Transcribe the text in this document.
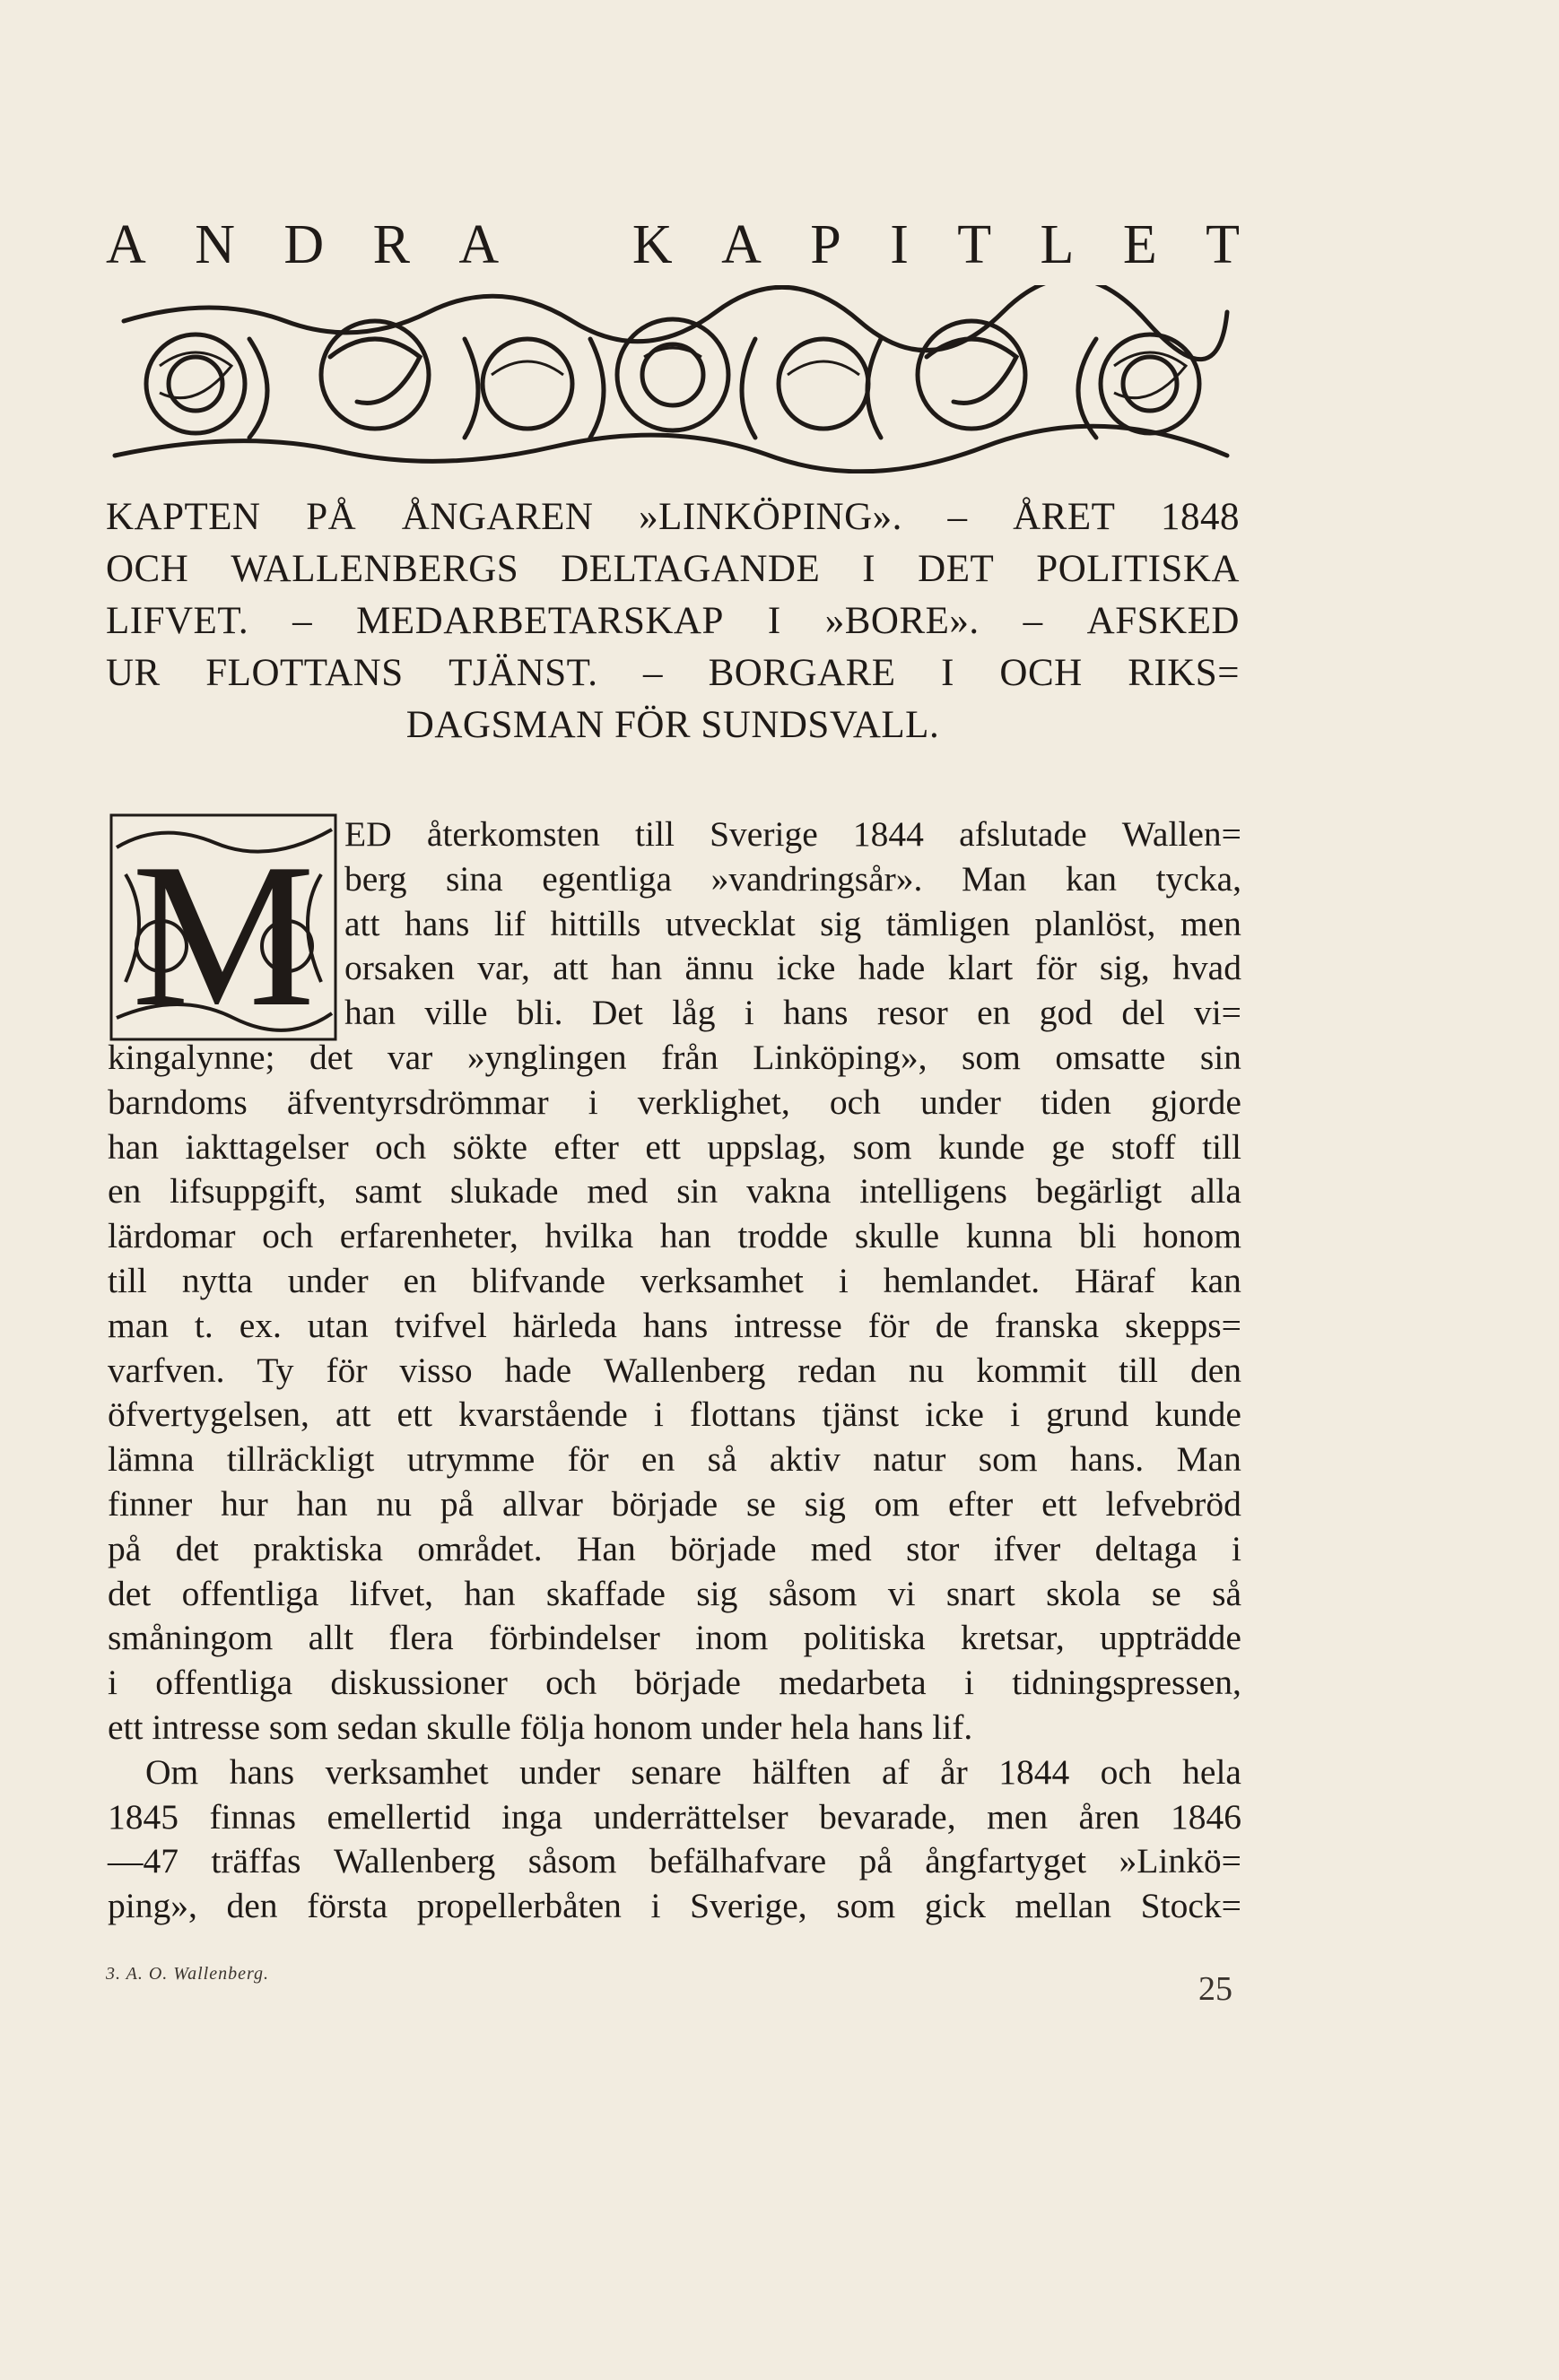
A N D R A K A P I T L E T
KAPTEN PÅ ÅNGAREN »LINKÖPING». – ÅRET 1848
OCH WALLENBERGS DELTAGANDE I DET POLITISKA
LIFVET. – MEDARBETARSKAP I »BORE». – AFSKED
UR FLOTTANS TJÄNST. – BORGARE I OCH RIKS=
DAGSMAN FÖR SUNDSVALL.
M ED återkomsten till Sverige 1844 afslutade Wallen=
berg sina egentliga »vandringsår». Man kan tycka,
att hans lif hittills utvecklat sig tämligen planlöst, men
orsaken var, att han ännu icke hade klart för sig, hvad
han ville bli. Det låg i hans resor en god del vi=
kingalynne; det var »ynglingen från Linköping», som omsatte sin
barndoms äfventyrsdrömmar i verklighet, och under tiden gjorde
han iakttagelser och sökte efter ett uppslag, som kunde ge stoff till
en lifsuppgift, samt slukade med sin vakna intelligens begärligt alla
lärdomar och erfarenheter, hvilka han trodde skulle kunna bli honom
till nytta under en blifvande verksamhet i hemlandet. Häraf kan
man t. ex. utan tvifvel härleda hans intresse för de franska skepps=
varfven. Ty för visso hade Wallenberg redan nu kommit till den
öfvertygelsen, att ett kvarstående i flottans tjänst icke i grund kunde
lämna tillräckligt utrymme för en så aktiv natur som hans. Man
finner hur han nu på allvar började se sig om efter ett lefvebröd
på det praktiska området. Han började med stor ifver deltaga i
det offentliga lifvet, han skaffade sig såsom vi snart skola se så
småningom allt flera förbindelser inom politiska kretsar, uppträdde
i offentliga diskussioner och började medarbeta i tidningspressen,
ett intresse som sedan skulle följa honom under hela hans lif.
Om hans verksamhet under senare hälften af år 1844 och hela
1845 finnas emellertid inga underrättelser bevarade, men åren 1846
—47 träffas Wallenberg såsom befälhafvare på ångfartyget »Linkö=
ping», den första propellerbåten i Sverige, som gick mellan Stock=
3. A. O. Wallenberg.	25
